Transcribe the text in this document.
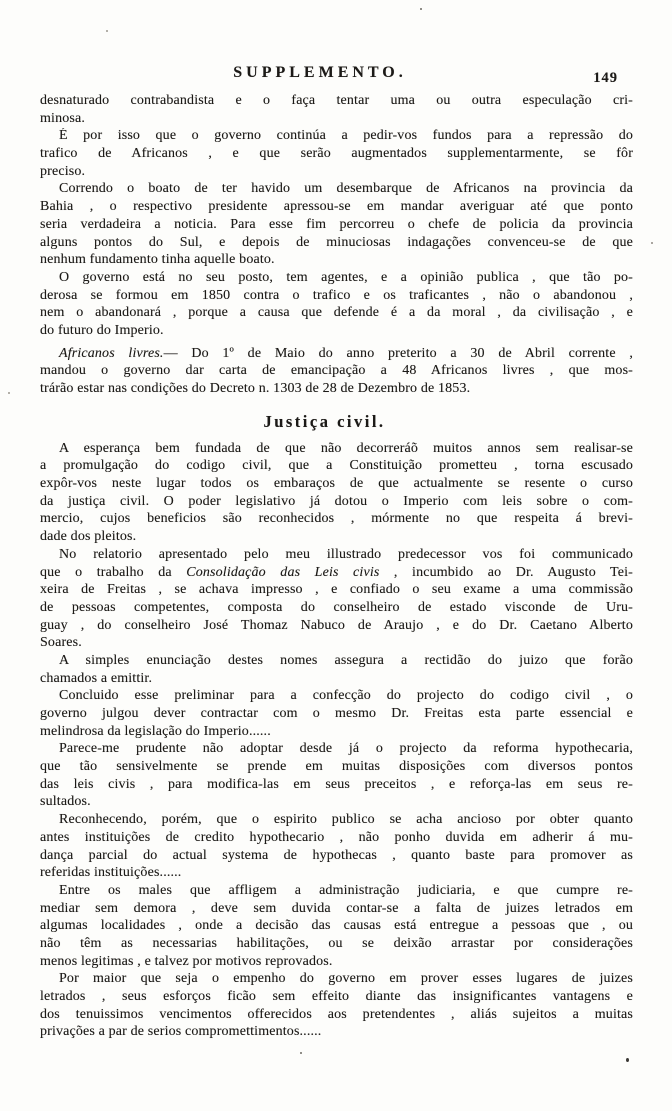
SUPPLEMENTO.	149
desnaturado contrabandista e o faça tentar uma ou outra especulação cri-
minosa.
É por isso que o governo continúa a pedir-vos fundos para a repressão do
trafico de Africanos , e que serão augmentados supplementarmente, se fôr
preciso.
Correndo o boato de ter havido um desembarque de Africanos na provincia da
Bahia , o respectivo presidente apressou-se em mandar averiguar até que ponto
seria verdadeira a noticia. Para esse fim percorreu o chefe de policia da provincia
alguns pontos do Sul, e depois de minuciosas indagações convenceu-se de que
nenhum fundamento tinha aquelle boato.
O governo está no seu posto, tem agentes, e a opinião publica , que tão po-
derosa se formou em 1850 contra o trafico e os traficantes , não o abandonou ,
nem o abandonará , porque a causa que defende é a da moral , da civilisação , e
do futuro do Imperio.
Africanos livres.— Do 1º de Maio do anno preterito a 30 de Abril corrente ,
mandou o governo dar carta de emancipação a 48 Africanos livres , que mos-
trárão estar nas condições do Decreto n. 1303 de 28 de Dezembro de 1853.
Justiça civil.
A esperança bem fundada de que não decorreráõ muitos annos sem realisar-se
a promulgação do codigo civil, que a Constituição prometteu , torna escusado
expôr-vos neste lugar todos os embaraços de que actualmente se resente o curso
da justiça civil. O poder legislativo já dotou o Imperio com leis sobre o com-
mercio, cujos beneficios são reconhecidos , mórmente no que respeita á brevi-
dade dos pleitos.
No relatorio apresentado pelo meu illustrado predecessor vos foi communicado
que o trabalho da Consolidação das Leis civis , incumbido ao Dr. Augusto Tei-
xeira de Freitas , se achava impresso , e confiado o seu exame a uma commissão
de pessoas competentes, composta do conselheiro de estado visconde de Uru-
guay , do conselheiro José Thomaz Nabuco de Araujo , e do Dr. Caetano Alberto
Soares.
A simples enunciação destes nomes assegura a rectidão do juizo que forão
chamados a emittir.
Concluido esse preliminar para a confecção do projecto do codigo civil , o
governo julgou dever contractar com o mesmo Dr. Freitas esta parte essencial e
melindrosa da legislação do Imperio......
Parece-me prudente não adoptar desde já o projecto da reforma hypothecaria,
que tão sensivelmente se prende em muitas disposições com diversos pontos
das leis civis , para modifica-las em seus preceitos , e reforça-las em seus re-
sultados.
Reconhecendo, porém, que o espirito publico se acha ancioso por obter quanto
antes instituições de credito hypothecario , não ponho duvida em adherir á mu-
dança parcial do actual systema de hypothecas , quanto baste para promover as
referidas instituições......
Entre os males que affligem a administração judiciaria, e que cumpre re-
mediar sem demora , deve sem duvida contar-se a falta de juizes letrados em
algumas localidades , onde a decisão das causas está entregue a pessoas que , ou
não têm as necessarias habilitações, ou se deixão arrastar por considerações
menos legitimas , e talvez por motivos reprovados.
Por maior que seja o empenho do governo em prover esses lugares de juizes
letrados , seus esforços ficão sem effeito diante das insignificantes vantagens e
dos tenuissimos vencimentos offerecidos aos pretendentes , aliás sujeitos a muitas
privações a par de serios compromettimentos......
